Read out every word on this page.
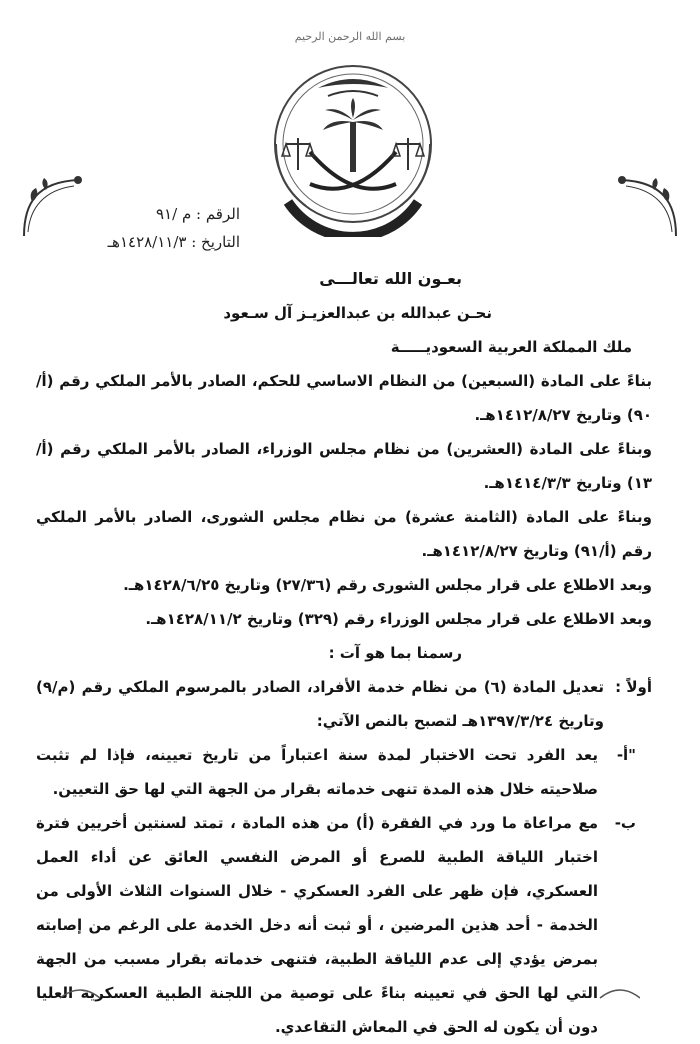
بسم الله الرحمن الرحيم
الرقم : م /٩١
التاريخ : ١٤٢٨/١١/٣هـ

بعـون الله تعالـــى

نحـن عبدالله بن عبدالعزيـز آل سـعود

ملك المملكة العربية السعوديـــــة

بناءً على المادة (السبعين) من النظام الاساسي للحكم، الصادر بالأمر الملكي رقم (أ/٩٠) وتاريخ ١٤١٢/٨/٢٧هـ.

وبناءً على المادة (العشرين) من نظام مجلس الوزراء، الصادر بالأمر الملكي رقم (أ/١٣) وتاريخ ١٤١٤/٣/٣هـ.

وبناءً على المادة (الثامنة عشرة) من نظام مجلس الشورى، الصادر بالأمر الملكي رقم (أ/٩١) وتاريخ ١٤١٢/٨/٢٧هـ.

وبعد الاطلاع على قرار مجلس الشورى رقم (٢٧/٣٦) وتاريخ ١٤٢٨/٦/٢٥هـ.

وبعد الاطلاع على قرار مجلس الوزراء رقم (٣٢٩) وتاريخ ١٤٢٨/١١/٢هـ.

رسمنا بما هو آت :

أولاً :
تعديل المادة (٦) من نظام خدمة الأفراد، الصادر بالمرسوم الملكي رقم (م/٩) وتاريخ ١٣٩٧/٣/٢٤هـ لتصبح بالنص الآتي:
"أ-
يعد الفرد تحت الاختبار لمدة سنة اعتباراً من تاريخ تعيينه، فإذا لم تثبت صلاحيته خلال هذه المدة تنهى خدماته بقرار من الجهة التي لها حق التعيين.
ب-
مع مراعاة ما ورد في الفقرة (أ) من هذه المادة ، تمتد لسنتين أخريين فترة اختبار اللياقة الطبية للصرع أو المرض النفسي العائق عن أداء العمل العسكري، فإن ظهر على الفرد العسكري - خلال السنوات الثلاث الأولى من الخدمة - أحد هذين المرضين ، أو ثبت أنه دخل الخدمة على الرغم من إصابته بمرض يؤدي إلى عدم اللياقة الطبية، فتنهى خدماته بقرار مسبب من الجهة التي لها الحق في تعيينه بناءً على توصية من اللجنة الطبية العسكرية العليا دون أن يكون له الحق في المعاش التقاعدي.
